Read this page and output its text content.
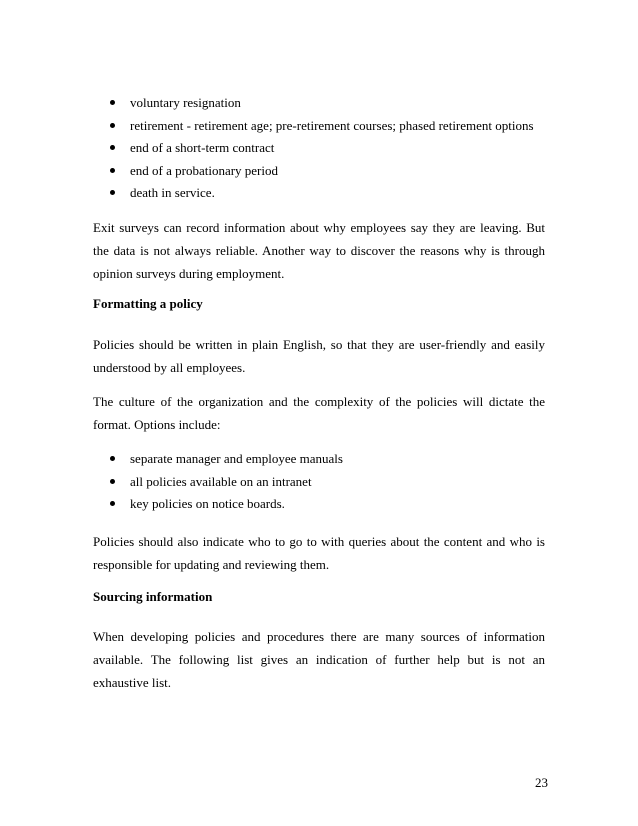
voluntary resignation
retirement - retirement age; pre-retirement courses; phased retirement options
end of a short-term contract
end of a probationary period
death in service.

Exit surveys can record information about why employees say they are leaving. But the data is not always reliable. Another way to discover the reasons why is through opinion surveys during employment.

Formatting a policy

Policies should be written in plain English, so that they are user-friendly and easily understood by all employees.

The culture of the organization and the complexity of the policies will dictate the format. Options include:

separate manager and employee manuals
all policies available on an intranet
key policies on notice boards.

Policies should also indicate who to go to with queries about the content and who is responsible for updating and reviewing them.

Sourcing information

When developing policies and procedures there are many sources of information available. The following list gives an indication of further help but is not an exhaustive list.

23
